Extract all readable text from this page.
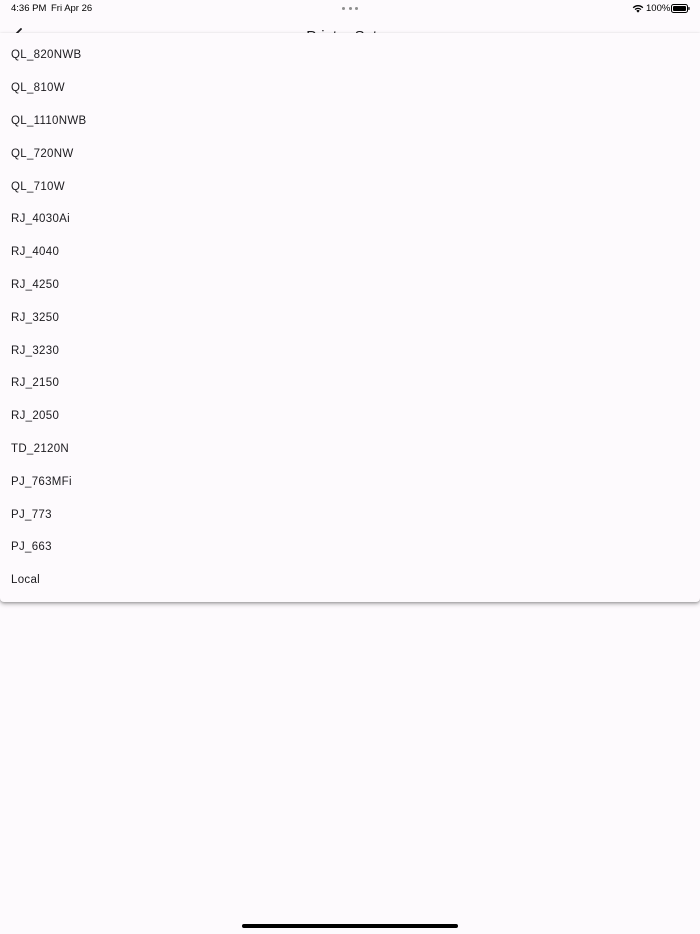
4:36 PM Fri Apr 26	100%
QL_820NWB
QL_810W
QL_1110NWB
QL_720NW
QL_710W
RJ_4030Ai
RJ_4040
RJ_4250
RJ_3250
RJ_3230
RJ_2150
RJ_2050
TD_2120N
PJ_763MFi
PJ_773
PJ_663
Local
